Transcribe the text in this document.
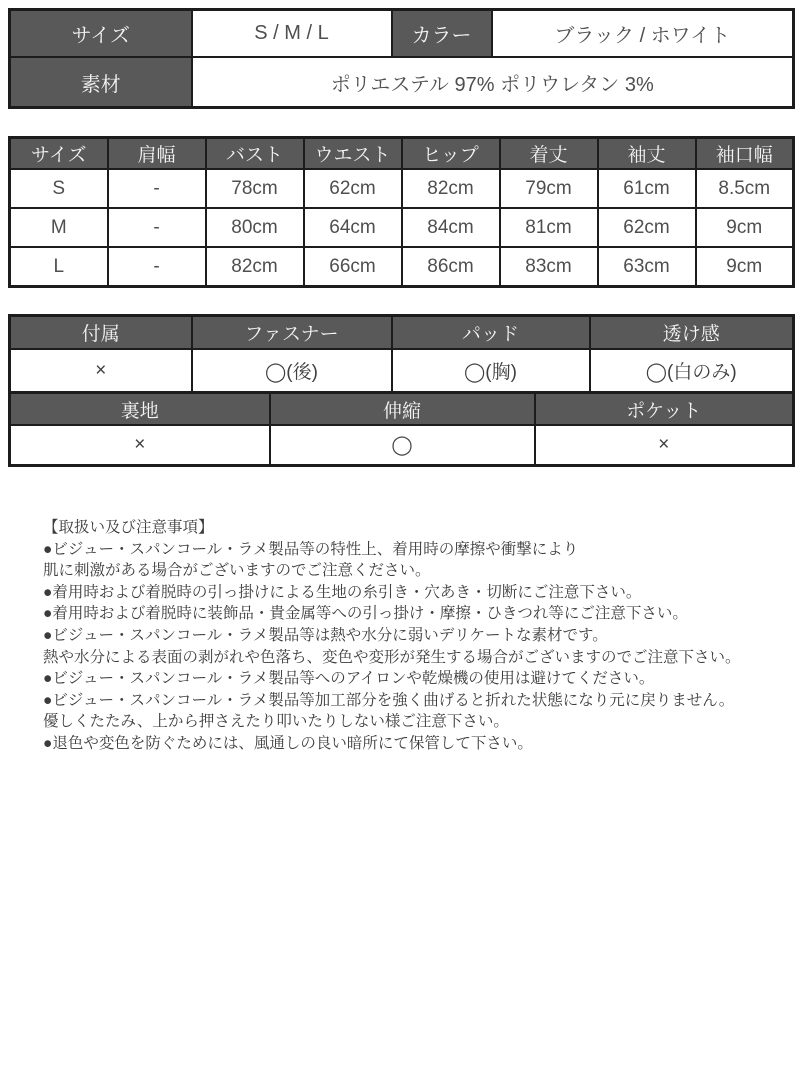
サイズ	S / M / L	カラー	ブラック / ホワイト
素材	ポリエステル 97% ポリウレタン 3%		
サイズ	肩幅	バスト	ウエスト	ヒップ	着丈	袖丈	袖口幅
S	-	78cm	62cm	82cm	79cm	61cm	8.5cm
M	-	80cm	64cm	84cm	81cm	62cm	9cm
L	-	82cm	66cm	86cm	83cm	63cm	9cm
付属	ファスナー	パッド	透け感
×	◯(後)	◯(胸)	◯(白のみ)
裏地	伸縮	ポケット
×	◯	×
【取扱い及び注意事項】
●ビジュー・スパンコール・ラメ製品等の特性上、着用時の摩擦や衝撃により
肌に刺激がある場合がございますのでご注意ください。
●着用時および着脱時の引っ掛けによる生地の糸引き・穴あき・切断にご注意下さい。
●着用時および着脱時に装飾品・貴金属等への引っ掛け・摩擦・ひきつれ等にご注意下さい。
●ビジュー・スパンコール・ラメ製品等は熱や水分に弱いデリケートな素材です。
熱や水分による表面の剥がれや色落ち、変色や変形が発生する場合がございますのでご注意下さい。
●ビジュー・スパンコール・ラメ製品等へのアイロンや乾燥機の使用は避けてください。
●ビジュー・スパンコール・ラメ製品等加工部分を強く曲げると折れた状態になり元に戻りません。
優しくたたみ、上から押さえたり叩いたりしない様ご注意下さい。
●退色や変色を防ぐためには、風通しの良い暗所にて保管して下さい。
